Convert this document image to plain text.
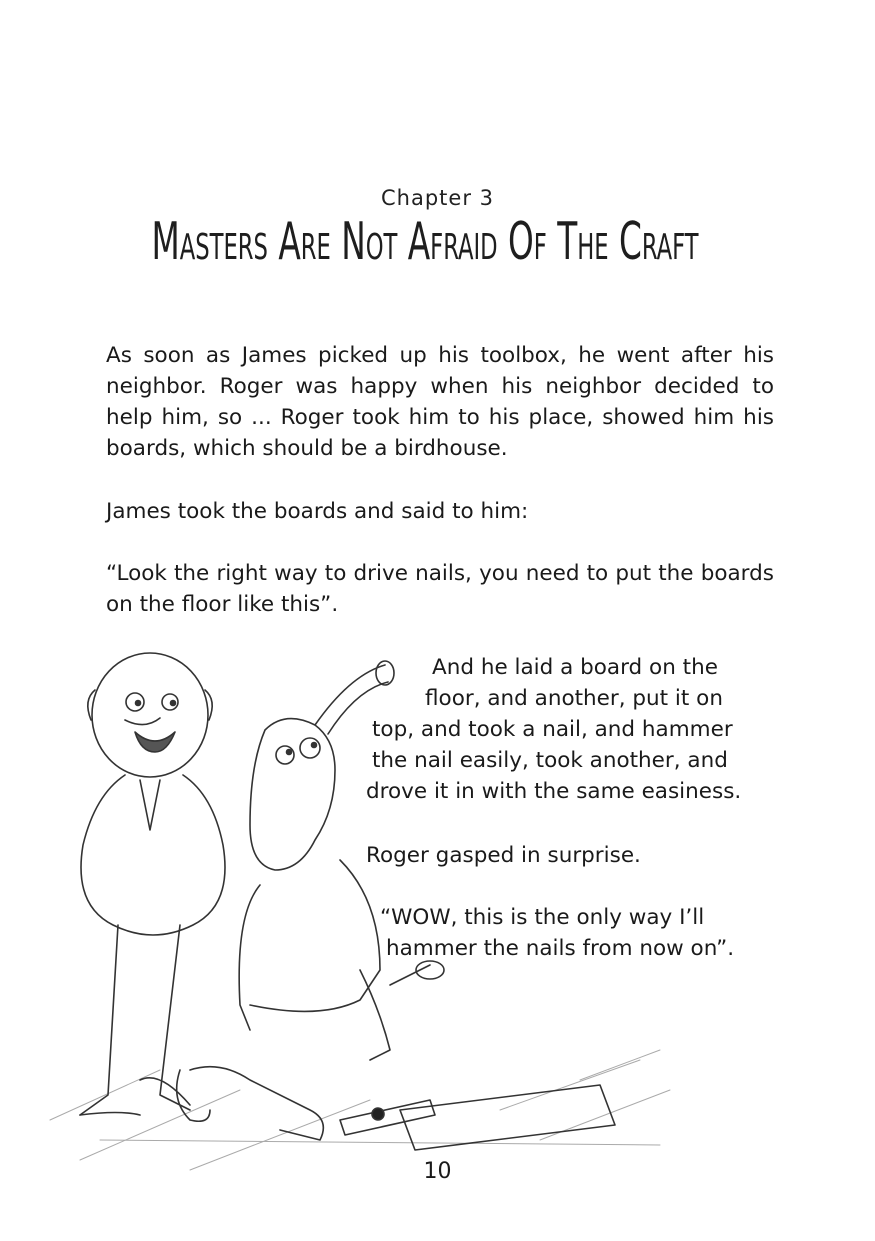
Chapter 3
Masters Are Not Afraid Of The Craft
As soon as James picked up his toolbox, he went after his neighbor. Roger was happy when his neighbor decided to help him, so ... Roger took him to his place, showed him his boards, which should be a birdhouse.
James took the boards and said to him:
“Look the right way to drive nails, you need to put the boards on the floor like this”.
And he laid a board on the
floor, and another, put it on
top, and took a nail, and hammer
the nail easily, took another, and
drove it in with the same easiness.
Roger gasped in surprise.
“WOW, this is the only way I’ll
hammer the nails from now on”.
10
